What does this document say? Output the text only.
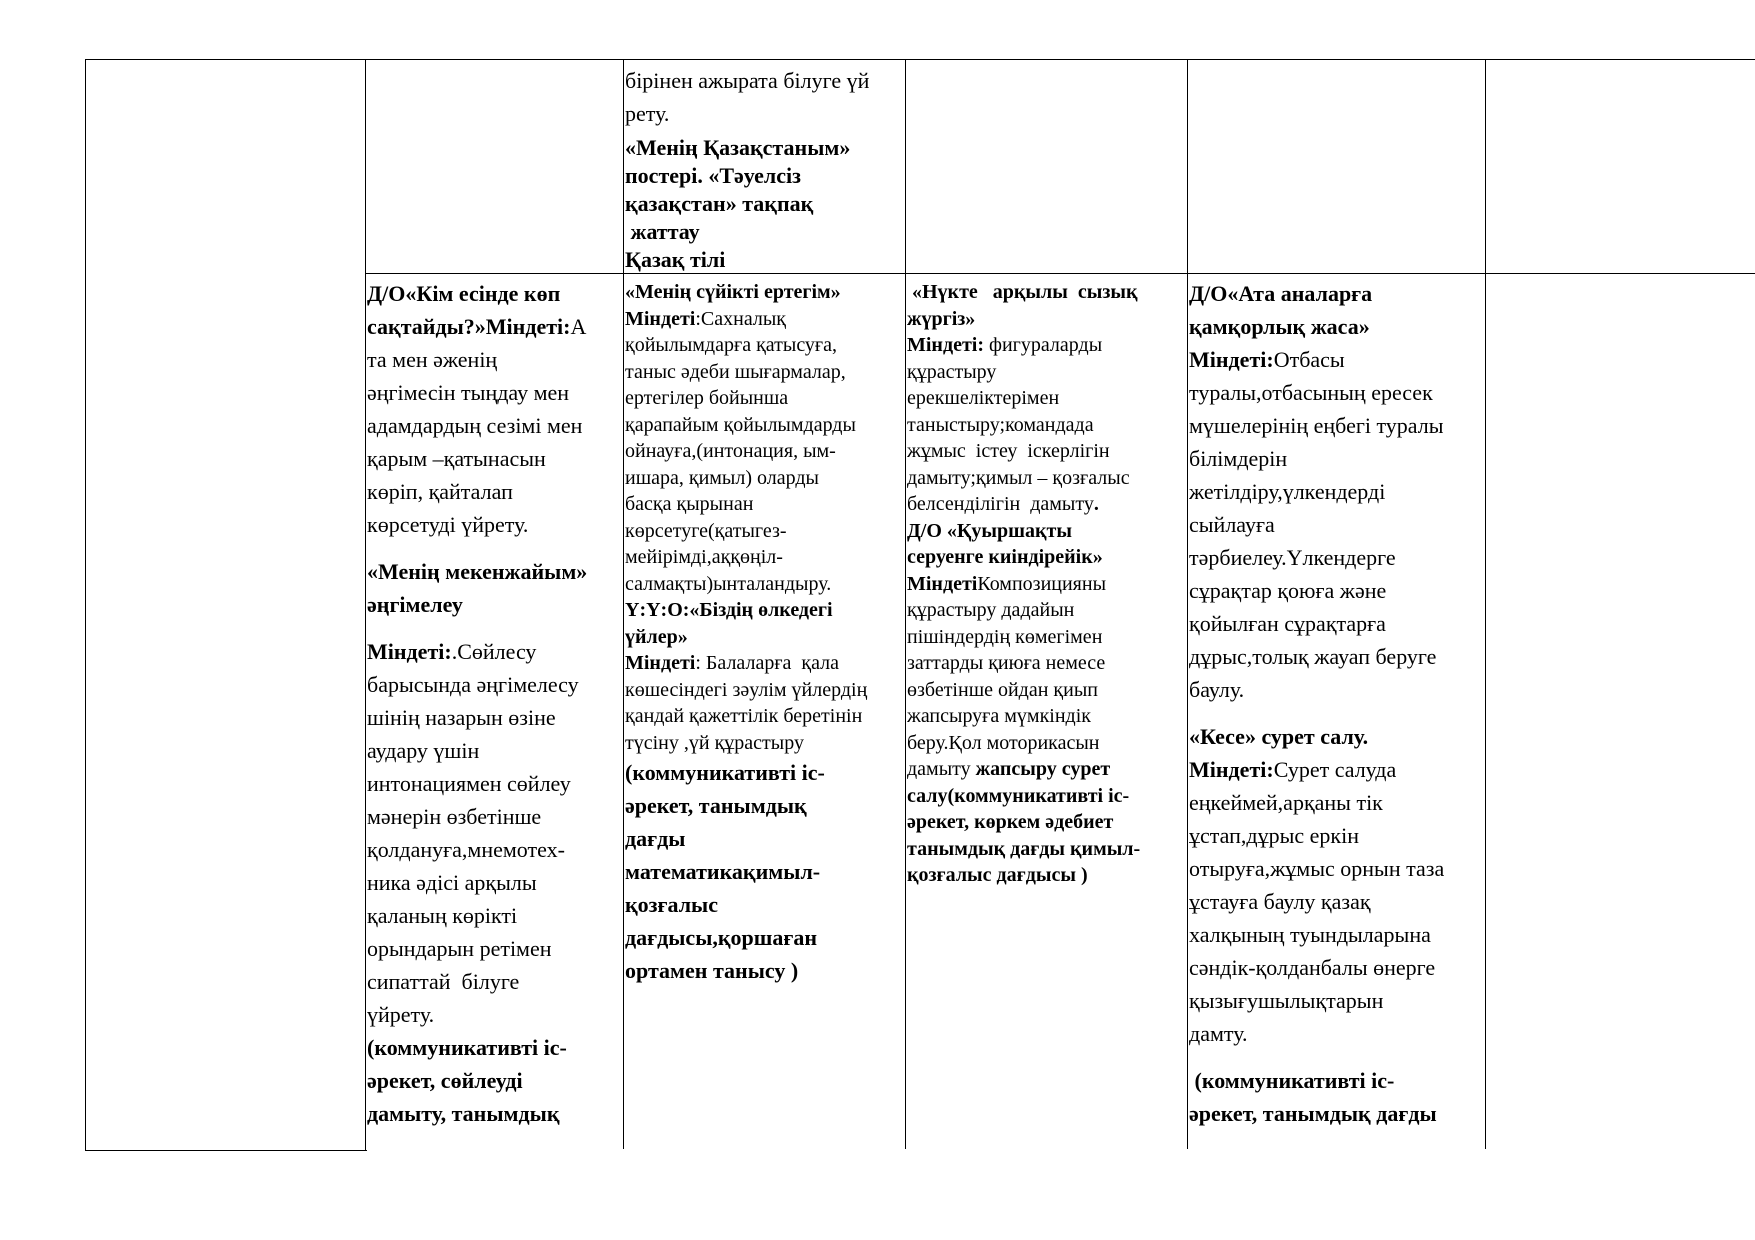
бірінен ажырата білуге үй

рету.

«Менің Қазақстаным»

постері. «Тәуелсіз

қазақстан» тақпақ

жаттау

Қазақ тілі

Д/О«Кім есінде көп

сақтайды?»Міндеті:А

та мен әженің

әңгімесін тыңдау мен

адамдардың сезімі мен

қарым –қатынасын

көріп, қайталап

көрсетуді үйрету.

«Менің мекенжайым»

әңгімелеу

Міндеті:.Сөйлесу

барысында әңгімелесу

шінің назарын өзіне

аудару үшін

интонациямен сөйлеу

мәнерін өзбетінше

қолдануға,мнемотех-

ника әдісі арқылы

қаланың көрікті

орындарын ретімен

сипаттай  білуге

үйрету.

(коммуникативті іс-

әрекет, сөйлеуді

дамыту, танымдық

«Менің сүйікті ертегім»

Міндеті:Сахналық

қойылымдарға қатысуға,

таныс әдеби шығармалар,

ертегілер бойынша

қарапайым қойылымдарды

ойнауға,(интонация, ым-

ишара, қимыл) оларды

басқа қырынан

көрсетуге(қатыгез-

мейірімді,аққөңіл-

салмақты)ынталандыру.

Ү:Ү:О:«Біздің өлкедегі

үйлер»

Міндеті: Балаларға  қала

көшесіндегі зәулім үйлердің

қандай қажеттілік беретінін

түсіну ,үй құрастыру

(коммуникативті іс-

әрекет, танымдық

дағды

математикақимыл-

қозғалыс

дағдысы,қоршаған

ортамен танысу )

«Нүкте   арқылы  сызық

жүргіз»

Міндеті: фигураларды

құрастыру

ерекшеліктерімен

таныстыру;командада

жұмыс  істеу  іскерлігін

дамыту;қимыл – қозғалыс

белсенділігін  дамыту.

Д/О «Қуыршақты

серуенге киіндірейік»

МіндетіКомпозицияны

құрастыру дадайын

пішіндердің көмегімен

заттарды қиюға немесе

өзбетінше ойдан қиып

жапсыруға мүмкіндік

беру.Қол моторикасын

дамыту жапсыру сурет

салу(коммуникативті іс-

әрекет, көркем әдебиет

танымдық дағды қимыл-

қозғалыс дағдысы )

Д/О«Ата аналарға

қамқорлық жаса»

Міндеті:Отбасы

туралы,отбасының ересек

мүшелерінің еңбегі туралы

білімдерін

жетілдіру,үлкендерді

сыйлауға

тәрбиелеу.Үлкендерге

сұрақтар қоюға және

қойылған сұрақтарға

дұрыс,толық жауап беруге

баулу.

«Кесе» сурет салу.

Міндеті:Сурет салуда

еңкеймей,арқаны тік

ұстап,дұрыс еркін

отыруға,жұмыс орнын таза

ұстауға баулу қазақ

халқының туындыларына

сәндік-қолданбалы өнерге

қызығушылықтарын

дамту.

(коммуникативті іс-

әрекет, танымдық дағды
